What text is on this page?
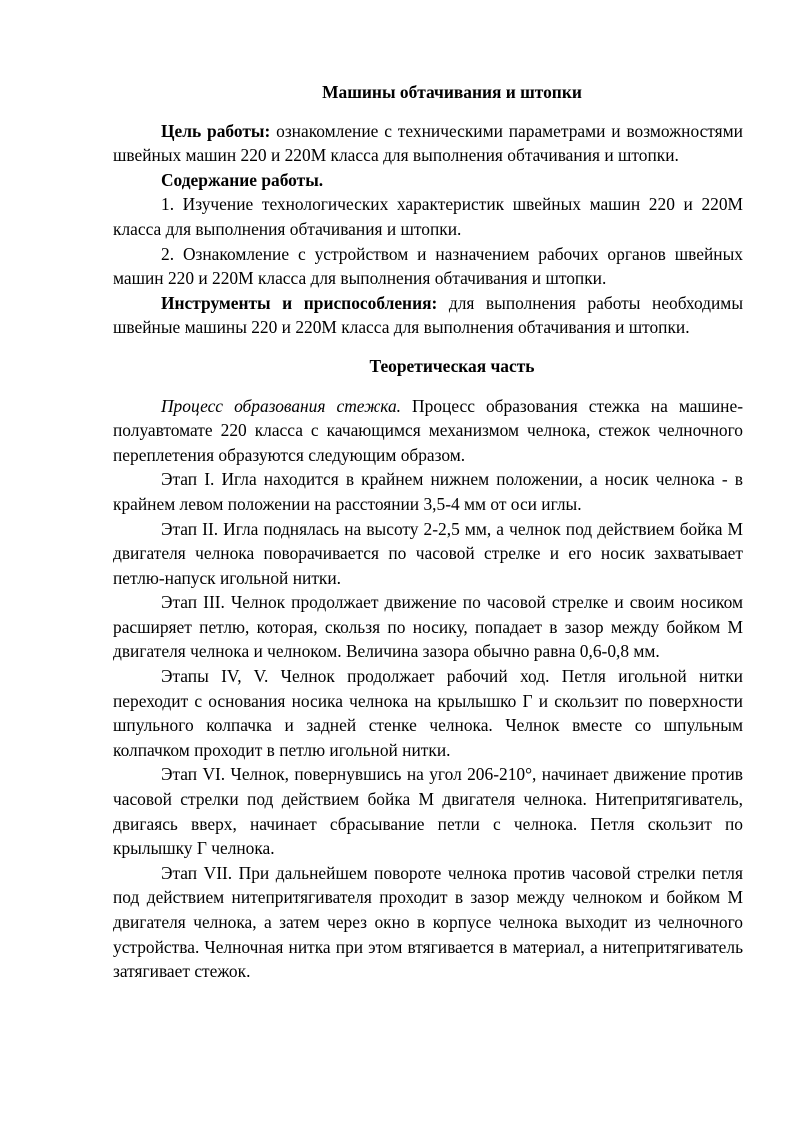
Машины обтачивания и штопки

Цель работы: ознакомление с техническими параметрами и возможностями швейных машин 220 и 220М класса для выполнения обтачивания и штопки.

Содержание работы.

1. Изучение технологических характеристик швейных машин 220 и 220М класса для выполнения обтачивания и штопки.

2. Ознакомление с устройством и назначением рабочих органов швейных машин 220 и 220М класса для выполнения обтачивания и штопки.

Инструменты и приспособления: для выполнения работы необходимы швейные машины 220 и 220М класса для выполнения обтачивания и штопки.

Теоретическая часть

Процесс образования стежка. Процесс образования стежка на машине-полуавтомате 220 класса с качающимся механизмом челнока, стежок челночного переплетения образуются следующим образом.

Этап I. Игла находится в крайнем нижнем положении, а носик челнока - в крайнем левом положении на расстоянии 3,5-4 мм от оси иглы.

Этап II. Игла поднялась на высоту 2-2,5 мм, а челнок под действием бойка М двигателя челнока поворачивается по часовой стрелке и его носик захватывает петлю-напуск игольной нитки.

Этап III. Челнок продолжает движение по часовой стрелке и своим носиком расширяет петлю, которая, скользя по носику, попадает в зазор между бойком М двигателя челнока и челноком. Величина зазора обычно равна 0,6-0,8 мм.

Этапы IV, V. Челнок продолжает рабочий ход. Петля игольной нитки переходит с основания носика челнока на крылышко Г и скользит по поверхности шпульного колпачка и задней стенке челнока. Челнок вместе со шпульным колпачком проходит в петлю игольной нитки.

Этап VI. Челнок, повернувшись на угол 206-210°, начинает движение против часовой стрелки под действием бойка М двигателя челнока. Нитепритягиватель, двигаясь вверх, начинает сбрасывание петли с челнока. Петля скользит по крылышку Г челнока.

Этап VII. При дальнейшем повороте челнока против часовой стрелки петля под действием нитепритягивателя проходит в зазор между челноком и бойком М двигателя челнока, а затем через окно в корпусе челнока выходит из челночного устройства. Челночная нитка при этом втягивается в материал, а нитепритягиватель затягивает стежок.
